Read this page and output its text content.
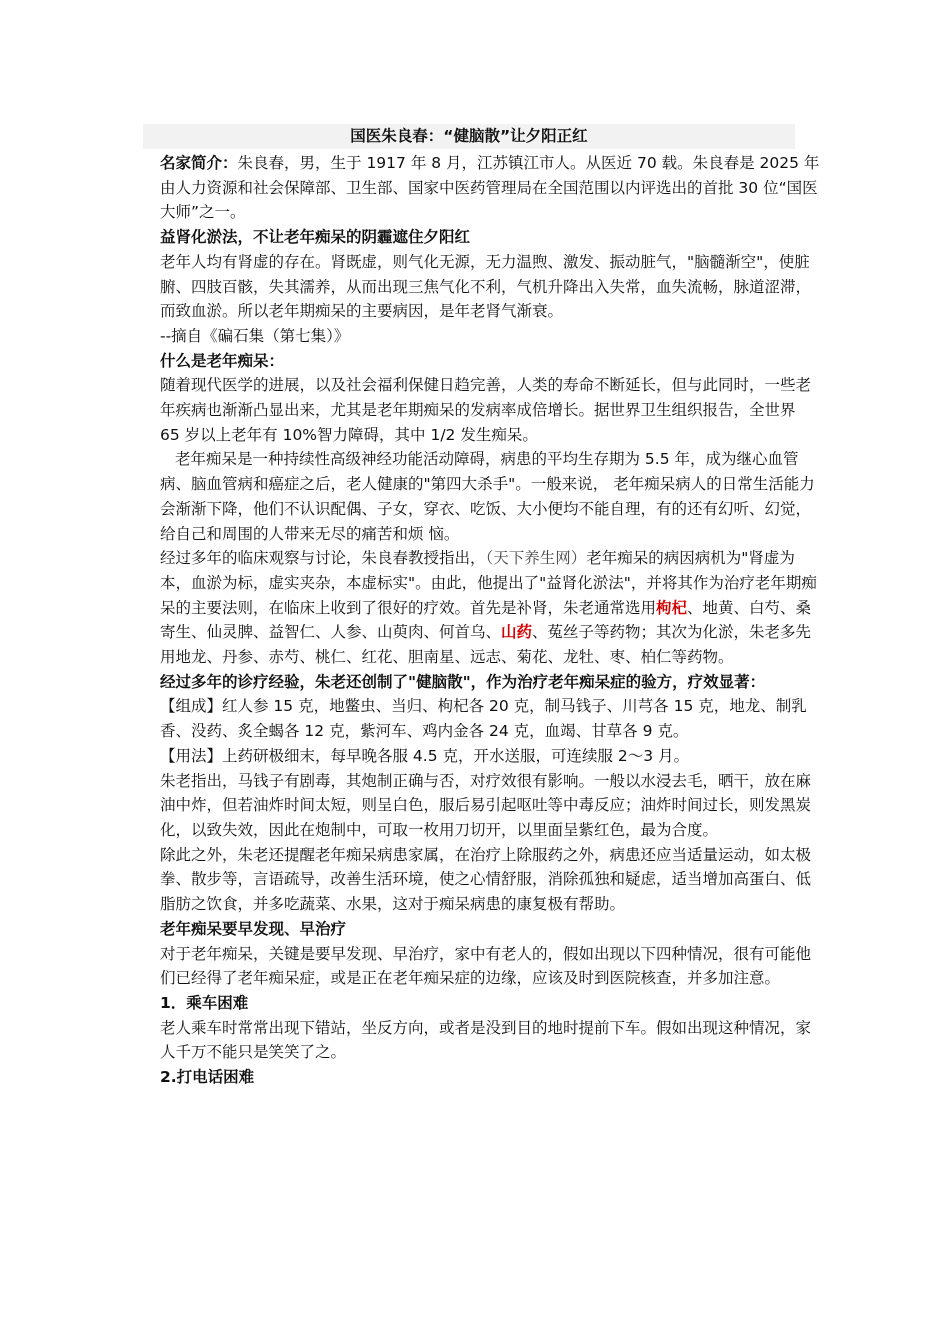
国医朱良春：“健脑散”让夕阳正红

名家简介：朱良春，男，生于 1917 年 8 月，江苏镇江市人。从医近 70 载。朱良春是 2025 年由人力资源和社会保障部、卫生部、国家中医药管理局在全国范围以内评选出的首批 30 位“国医大师”之一。

益肾化淤法，不让老年痴呆的阴霾遮住夕阳红

老年人均有肾虚的存在。肾既虚，则气化无源，无力温煦、激发、振动脏气，"脑髓渐空"，使脏腑、四肢百骸，失其濡养，从而出现三焦气化不利，气机升降出入失常，血失流畅，脉道涩滞，而致血淤。所以老年期痴呆的主要病因，是年老肾气渐衰。

--摘自《碥石集（第七集）》

什么是老年痴呆：

随着现代医学的进展，以及社会福利保健日趋完善，人类的寿命不断延长，但与此同时，一些老年疾病也渐渐凸显出来，尤其是老年期痴呆的发病率成倍增长。据世界卫生组织报告，全世界 65 岁以上老年有 10%智力障碍，其中 1/2 发生痴呆。

老年痴呆是一种持续性高级神经功能活动障碍，病患的平均生存期为 5.5 年，成为继心血管病、脑血管病和癌症之后，老人健康的"第四大杀手"。一般来说， 老年痴呆病人的日常生活能力会渐渐下降，他们不认识配偶、子女，穿衣、吃饭、大小便均不能自理，有的还有幻听、幻觉，给自己和周围的人带来无尽的痛苦和烦 恼。

经过多年的临床观察与讨论，朱良春教授指出，（天下养生网）老年痴呆的病因病机为"肾虚为本，血淤为标，虚实夹杂，本虚标实"。由此，他提出了"益肾化淤法"，并将其作为治疗老年期痴呆的主要法则，在临床上收到了很好的疗效。首先是补肾，朱老通常选用枸杞、地黄、白芍、桑寄生、仙灵脾、益智仁、人参、山萸肉、何首乌、山药、菟丝子等药物；其次为化淤，朱老多先用地龙、丹参、赤芍、桃仁、红花、胆南星、远志、菊花、龙牡、枣、柏仁等药物。

经过多年的诊疗经验，朱老还创制了"健脑散"，作为治疗老年痴呆症的验方，疗效显著：

【组成】红人参 15 克，地鳖虫、当归、枸杞各 20 克，制马钱子、川芎各 15 克，地龙、制乳香、没药、炙全蝎各 12 克，紫河车、鸡内金各 24 克，血竭、甘草各 9 克。

【用法】上药研极细末，每早晚各服 4.5 克，开水送服，可连续服 2～3 月。

朱老指出，马钱子有剧毒，其炮制正确与否，对疗效很有影响。一般以水浸去毛，晒干，放在麻油中炸，但若油炸时间太短，则呈白色，服后易引起呕吐等中毒反应；油炸时间过长，则发黑炭化，以致失效，因此在炮制中，可取一枚用刀切开，以里面呈紫红色，最为合度。

除此之外，朱老还提醒老年痴呆病患家属，在治疗上除服药之外，病患还应当适量运动，如太极拳、散步等，言语疏导，改善生活环境，使之心情舒服，消除孤独和疑虑，适当增加高蛋白、低脂肪之饮食，并多吃蔬菜、水果，这对于痴呆病患的康复极有帮助。

老年痴呆要早发现、早治疗

对于老年痴呆，关键是要早发现、早治疗，家中有老人的，假如出现以下四种情况，很有可能他们已经得了老年痴呆症，或是正在老年痴呆症的边缘，应该及时到医院核查，并多加注意。

1．乘车困难

老人乘车时常常出现下错站，坐反方向，或者是没到目的地时提前下车。假如出现这种情况，家人千万不能只是笑笑了之。

2.打电话困难
